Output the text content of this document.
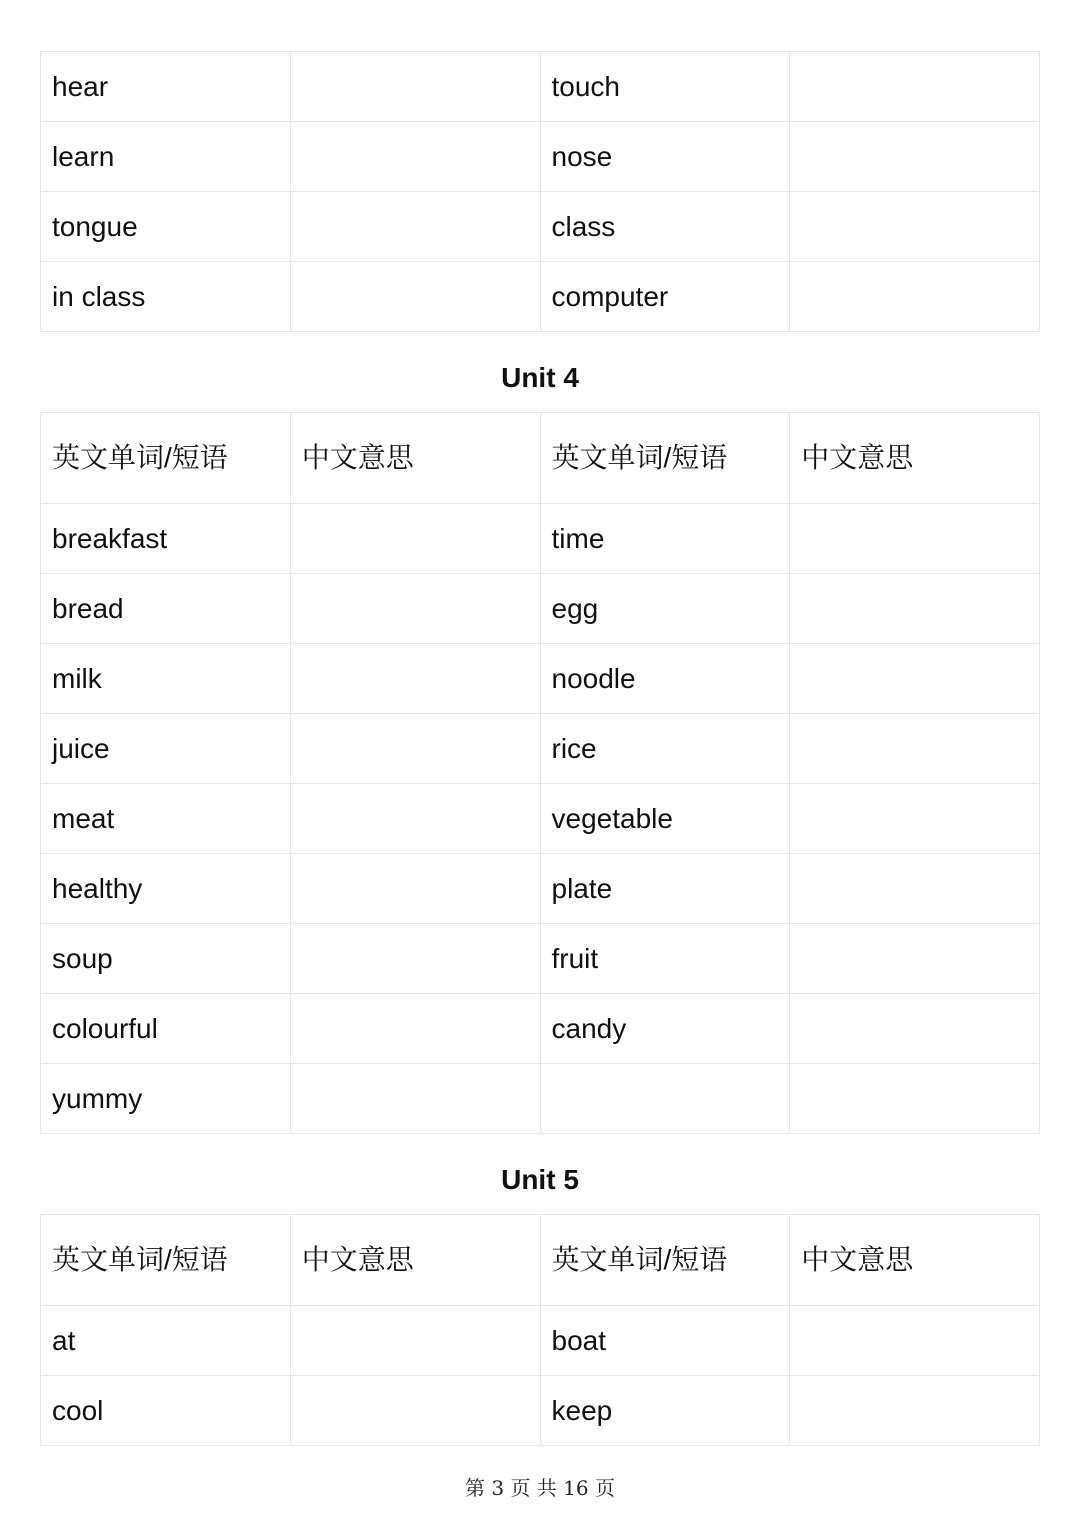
hear		touch	
learn		nose	
tongue		class	
in class		computer	
Unit 4
英文单词/短语	中文意思	英文单词/短语	中文意思
breakfast		time	
bread		egg	
milk		noodle	
juice		rice	
meat		vegetable	
healthy		plate	
soup		fruit	
colourful		candy	
yummy			
Unit 5
英文单词/短语	中文意思	英文单词/短语	中文意思
at		boat	
cool		keep	
第 3 页 共 16 页
